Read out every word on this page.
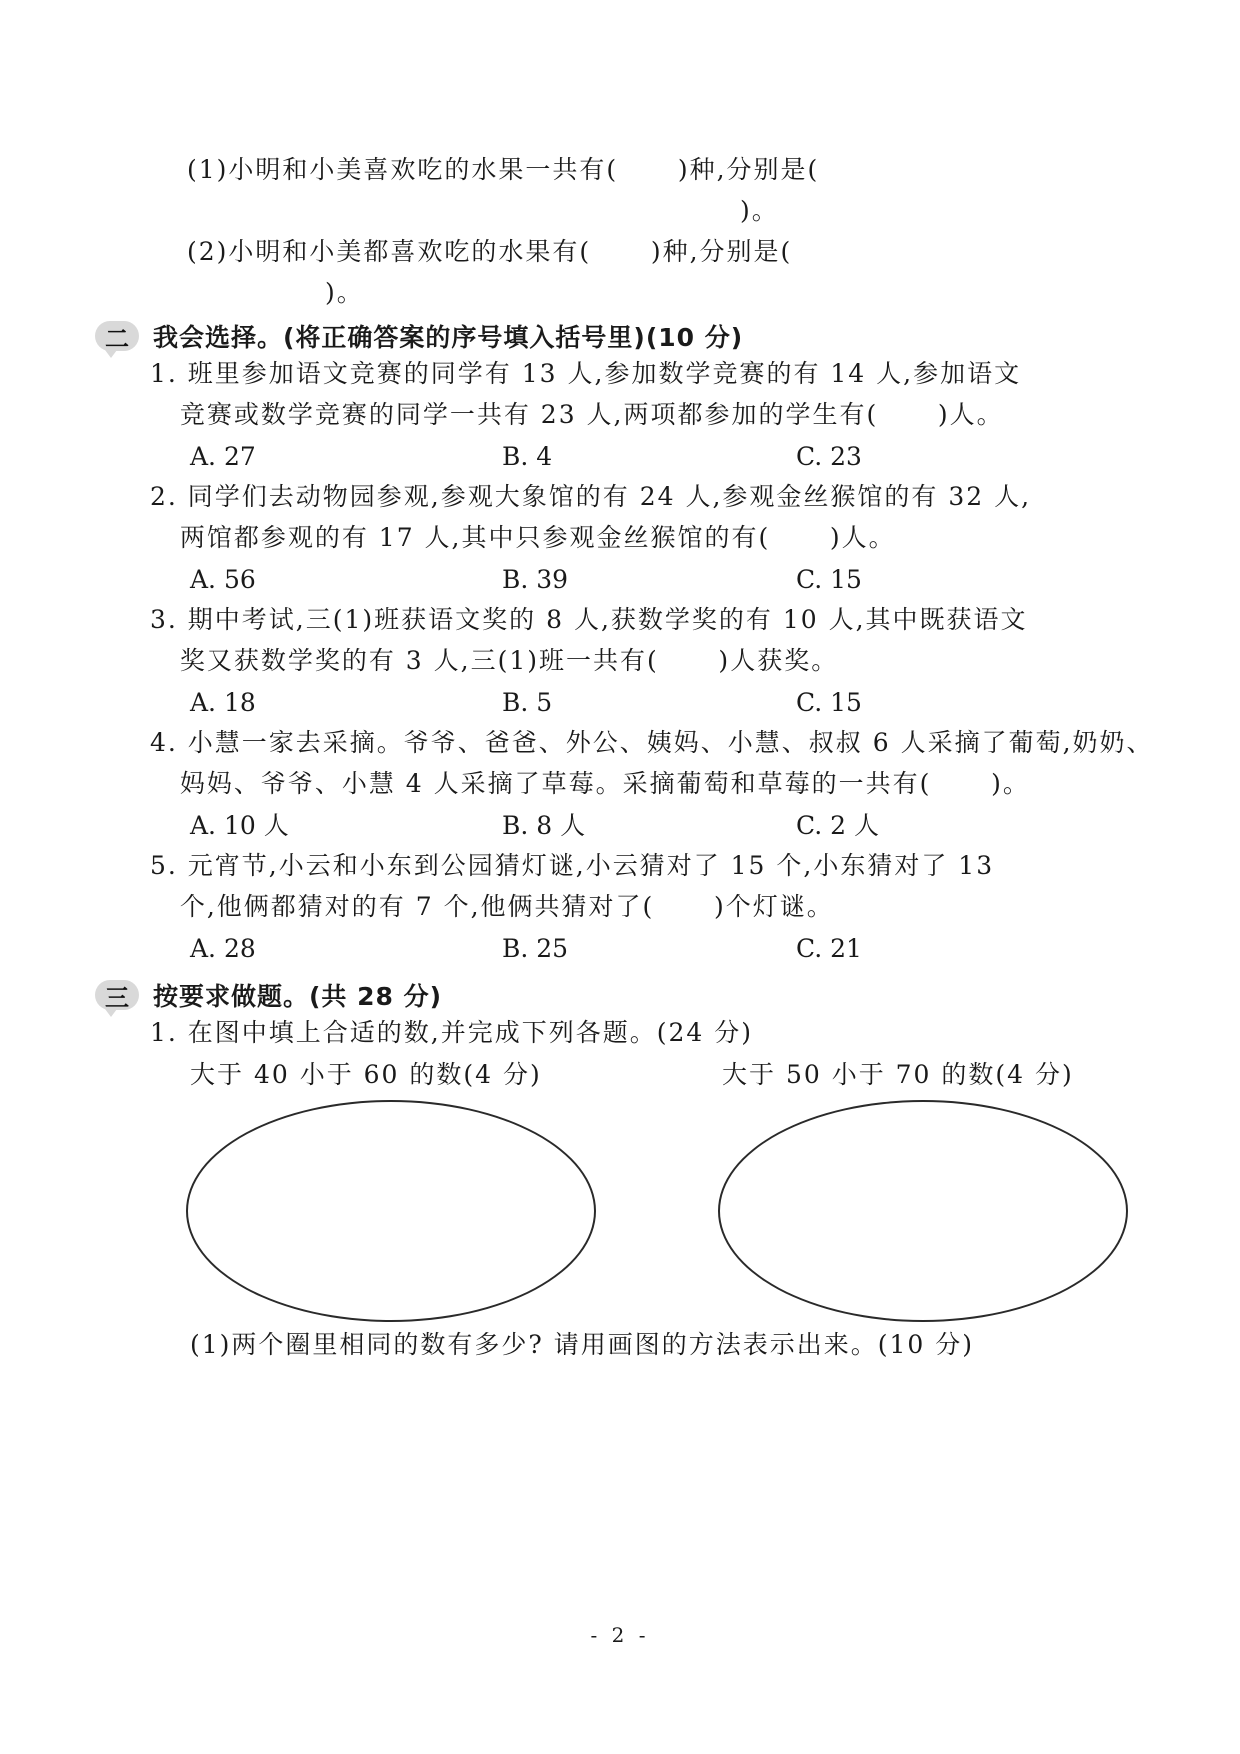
(1)小明和小美喜欢吃的水果一共有(      )种,分别是(
)。
(2)小明和小美都喜欢吃的水果有(      )种,分别是(
)。
二 我会选择。(将正确答案的序号填入括号里)(10 分)
1. 班里参加语文竞赛的同学有 13 人,参加数学竞赛的有 14 人,参加语文
竞赛或数学竞赛的同学一共有 23 人,两项都参加的学生有(      )人。
A. 27	B. 4	C. 23
2. 同学们去动物园参观,参观大象馆的有 24 人,参观金丝猴馆的有 32 人,
两馆都参观的有 17 人,其中只参观金丝猴馆的有(      )人。
A. 56	B. 39	C. 15
3. 期中考试,三(1)班获语文奖的 8 人,获数学奖的有 10 人,其中既获语文
奖又获数学奖的有 3 人,三(1)班一共有(      )人获奖。
A. 18	B. 5	C. 15
4. 小慧一家去采摘。爷爷、爸爸、外公、姨妈、小慧、叔叔 6 人采摘了葡萄,奶奶、
妈妈、爷爷、小慧 4 人采摘了草莓。采摘葡萄和草莓的一共有(      )。
A. 10 人	B. 8 人	C. 2 人
5. 元宵节,小云和小东到公园猜灯谜,小云猜对了 15 个,小东猜对了 13
个,他俩都猜对的有 7 个,他俩共猜对了(      )个灯谜。
A. 28	B. 25	C. 21
三 按要求做题。(共 28 分)
1. 在图中填上合适的数,并完成下列各题。(24 分)
大于 40 小于 60 的数(4 分)	大于 50 小于 70 的数(4 分)
(1)两个圈里相同的数有多少? 请用画图的方法表示出来。(10 分)
- 2 -
